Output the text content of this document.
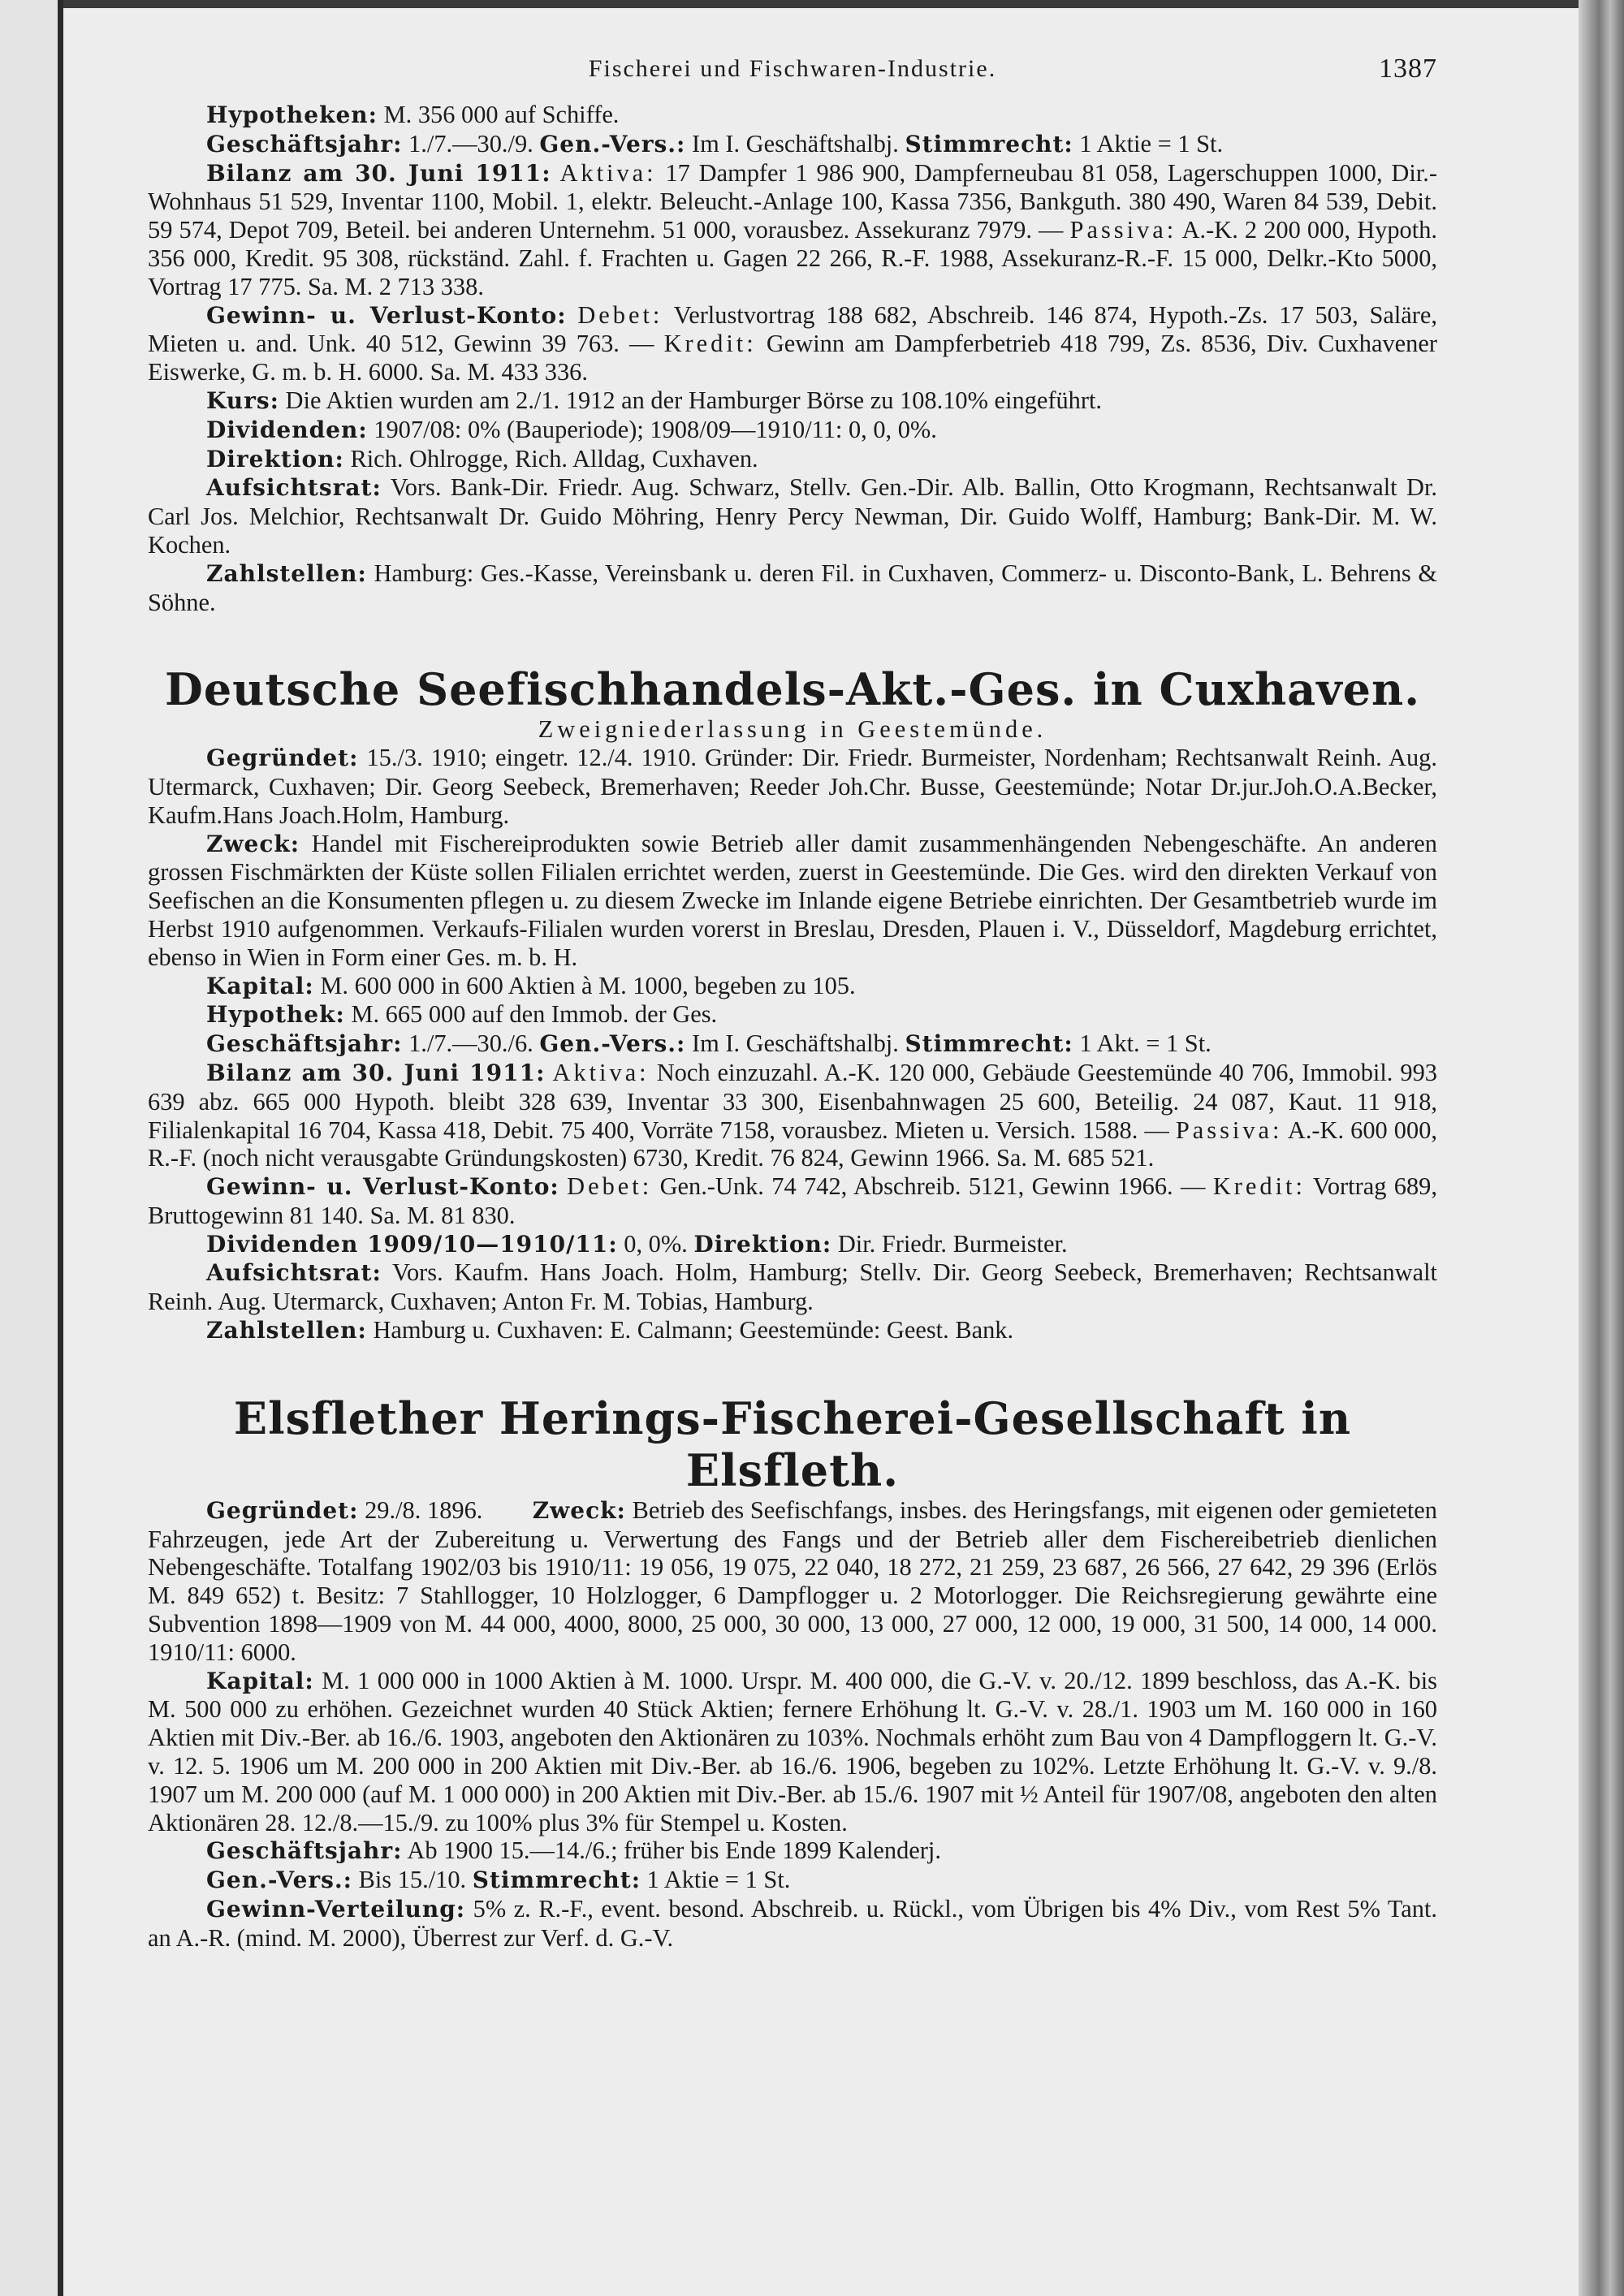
Fischerei und Fischwaren-Industrie.	1387

Hypotheken: M. 356 000 auf Schiffe.

Geschäftsjahr: 1./7.—30./9. Gen.-Vers.: Im I. Geschäftshalbj. Stimmrecht: 1 Aktie = 1 St.

Bilanz am 30. Juni 1911: Aktiva: 17 Dampfer 1 986 900, Dampferneubau 81 058, Lagerschuppen 1000, Dir.-Wohnhaus 51 529, Inventar 1100, Mobil. 1, elektr. Beleucht.-Anlage 100, Kassa 7356, Bankguth. 380 490, Waren 84 539, Debit. 59 574, Depot 709, Beteil. bei anderen Unternehm. 51 000, vorausbez. Assekuranz 7979. — Passiva: A.-K. 2 200 000, Hypoth. 356 000, Kredit. 95 308, rückständ. Zahl. f. Frachten u. Gagen 22 266, R.-F. 1988, Assekuranz-R.-F. 15 000, Delkr.-Kto 5000, Vortrag 17 775. Sa. M. 2 713 338.

Gewinn- u. Verlust-Konto: Debet: Verlustvortrag 188 682, Abschreib. 146 874, Hypoth.-Zs. 17 503, Saläre, Mieten u. and. Unk. 40 512, Gewinn 39 763. — Kredit: Gewinn am Dampferbetrieb 418 799, Zs. 8536, Div. Cuxhavener Eiswerke, G. m. b. H. 6000. Sa. M. 433 336.

Kurs: Die Aktien wurden am 2./1. 1912 an der Hamburger Börse zu 108.10% eingeführt.

Dividenden: 1907/08: 0% (Bauperiode); 1908/09—1910/11: 0, 0, 0%.

Direktion: Rich. Ohlrogge, Rich. Alldag, Cuxhaven.

Aufsichtsrat: Vors. Bank-Dir. Friedr. Aug. Schwarz, Stellv. Gen.-Dir. Alb. Ballin, Otto Krogmann, Rechtsanwalt Dr. Carl Jos. Melchior, Rechtsanwalt Dr. Guido Möhring, Henry Percy Newman, Dir. Guido Wolff, Hamburg; Bank-Dir. M. W. Kochen.

Zahlstellen: Hamburg: Ges.-Kasse, Vereinsbank u. deren Fil. in Cuxhaven, Commerz- u. Disconto-Bank, L. Behrens & Söhne.

Deutsche Seefischhandels-Akt.-Ges. in Cuxhaven.

Zweigniederlassung in Geestemünde.

Gegründet: 15./3. 1910; eingetr. 12./4. 1910. Gründer: Dir. Friedr. Burmeister, Nordenham; Rechtsanwalt Reinh. Aug. Utermarck, Cuxhaven; Dir. Georg Seebeck, Bremerhaven; Reeder Joh.Chr. Busse, Geestemünde; Notar Dr.jur.Joh.O.A.Becker, Kaufm.Hans Joach.Holm, Hamburg.

Zweck: Handel mit Fischereiprodukten sowie Betrieb aller damit zusammenhängenden Nebengeschäfte. An anderen grossen Fischmärkten der Küste sollen Filialen errichtet werden, zuerst in Geestemünde. Die Ges. wird den direkten Verkauf von Seefischen an die Konsumenten pflegen u. zu diesem Zwecke im Inlande eigene Betriebe einrichten. Der Gesamtbetrieb wurde im Herbst 1910 aufgenommen. Verkaufs-Filialen wurden vorerst in Breslau, Dresden, Plauen i. V., Düsseldorf, Magdeburg errichtet, ebenso in Wien in Form einer Ges. m. b. H.

Kapital: M. 600 000 in 600 Aktien à M. 1000, begeben zu 105.

Hypothek: M. 665 000 auf den Immob. der Ges.

Geschäftsjahr: 1./7.—30./6. Gen.-Vers.: Im I. Geschäftshalbj. Stimmrecht: 1 Akt. = 1 St.

Bilanz am 30. Juni 1911: Aktiva: Noch einzuzahl. A.-K. 120 000, Gebäude Geestemünde 40 706, Immobil. 993 639 abz. 665 000 Hypoth. bleibt 328 639, Inventar 33 300, Eisenbahnwagen 25 600, Beteilig. 24 087, Kaut. 11 918, Filialenkapital 16 704, Kassa 418, Debit. 75 400, Vorräte 7158, vorausbez. Mieten u. Versich. 1588. — Passiva: A.-K. 600 000, R.-F. (noch nicht verausgabte Gründungskosten) 6730, Kredit. 76 824, Gewinn 1966. Sa. M. 685 521.

Gewinn- u. Verlust-Konto: Debet: Gen.-Unk. 74 742, Abschreib. 5121, Gewinn 1966. — Kredit: Vortrag 689, Bruttogewinn 81 140. Sa. M. 81 830.

Dividenden 1909/10—1910/11: 0, 0%. Direktion: Dir. Friedr. Burmeister.

Aufsichtsrat: Vors. Kaufm. Hans Joach. Holm, Hamburg; Stellv. Dir. Georg Seebeck, Bremerhaven; Rechtsanwalt Reinh. Aug. Utermarck, Cuxhaven; Anton Fr. M. Tobias, Hamburg.

Zahlstellen: Hamburg u. Cuxhaven: E. Calmann; Geestemünde: Geest. Bank.

Elsflether Herings-Fischerei-Gesellschaft in Elsfleth.

Gegründet: 29./8. 1896. Zweck: Betrieb des Seefischfangs, insbes. des Heringsfangs, mit eigenen oder gemieteten Fahrzeugen, jede Art der Zubereitung u. Verwertung des Fangs und der Betrieb aller dem Fischereibetrieb dienlichen Nebengeschäfte. Totalfang 1902/03 bis 1910/11: 19 056, 19 075, 22 040, 18 272, 21 259, 23 687, 26 566, 27 642, 29 396 (Erlös M. 849 652) t. Besitz: 7 Stahllogger, 10 Holzlogger, 6 Dampflogger u. 2 Motorlogger. Die Reichsregierung gewährte eine Subvention 1898—1909 von M. 44 000, 4000, 8000, 25 000, 30 000, 13 000, 27 000, 12 000, 19 000, 31 500, 14 000, 14 000. 1910/11: 6000.

Kapital: M. 1 000 000 in 1000 Aktien à M. 1000. Urspr. M. 400 000, die G.-V. v. 20./12. 1899 beschloss, das A.-K. bis M. 500 000 zu erhöhen. Gezeichnet wurden 40 Stück Aktien; fernere Erhöhung lt. G.-V. v. 28./1. 1903 um M. 160 000 in 160 Aktien mit Div.-Ber. ab 16./6. 1903, angeboten den Aktionären zu 103%. Nochmals erhöht zum Bau von 4 Dampfloggern lt. G.-V. v. 12. 5. 1906 um M. 200 000 in 200 Aktien mit Div.-Ber. ab 16./6. 1906, begeben zu 102%. Letzte Erhöhung lt. G.-V. v. 9./8. 1907 um M. 200 000 (auf M. 1 000 000) in 200 Aktien mit Div.-Ber. ab 15./6. 1907 mit ½ Anteil für 1907/08, angeboten den alten Aktionären 28. 12./8.—15./9. zu 100% plus 3% für Stempel u. Kosten.

Geschäftsjahr: Ab 1900 15.—14./6.; früher bis Ende 1899 Kalenderj.

Gen.-Vers.: Bis 15./10. Stimmrecht: 1 Aktie = 1 St.

Gewinn-Verteilung: 5% z. R.-F., event. besond. Abschreib. u. Rückl., vom Übrigen bis 4% Div., vom Rest 5% Tant. an A.-R. (mind. M. 2000), Überrest zur Verf. d. G.-V.
